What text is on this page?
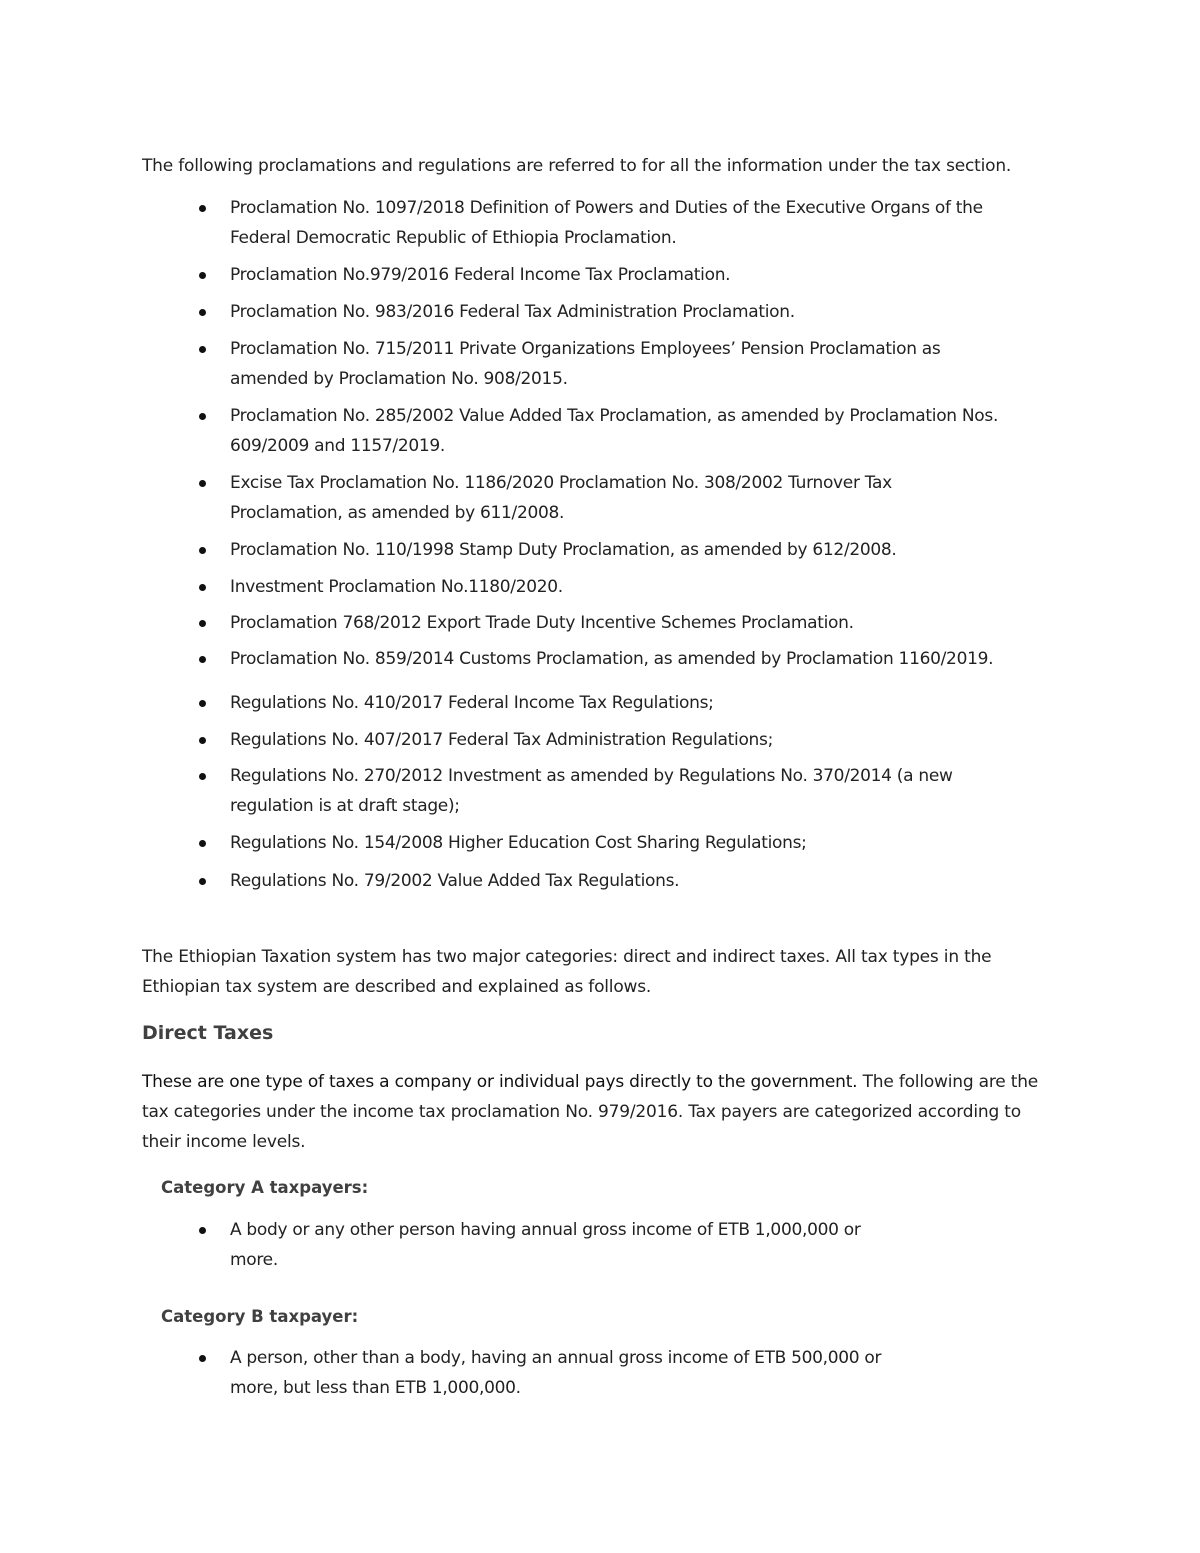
The following proclamations and regulations are referred to for all the information under the tax section.

Proclamation No. 1097/2018 Definition of Powers and Duties of the Executive Organs of the Federal Democratic Republic of Ethiopia Proclamation.
Proclamation No.979/2016 Federal Income Tax Proclamation.
Proclamation No. 983/2016 Federal Tax Administration Proclamation.
Proclamation No. 715/2011 Private Organizations Employees’ Pension Proclamation as amended by Proclamation No. 908/2015.
Proclamation No. 285/2002 Value Added Tax Proclamation, as amended by Proclamation Nos. 609/2009 and 1157/2019.
Excise Tax Proclamation No. 1186/2020 Proclamation No. 308/2002 Turnover Tax Proclamation, as amended by 611/2008.
Proclamation No. 110/1998 Stamp Duty Proclamation, as amended by 612/2008.
Investment Proclamation No.1180/2020.
Proclamation 768/2012 Export Trade Duty Incentive Schemes Proclamation.
Proclamation No. 859/2014 Customs Proclamation, as amended by Proclamation 1160/2019.
Regulations No. 410/2017 Federal Income Tax Regulations;
Regulations No. 407/2017 Federal Tax Administration Regulations;
Regulations No. 270/2012 Investment as amended by Regulations No. 370/2014 (a new regulation is at draft stage);
Regulations No. 154/2008 Higher Education Cost Sharing Regulations;
Regulations No. 79/2002 Value Added Tax Regulations.

The Ethiopian Taxation system has two major categories: direct and indirect taxes. All tax types in the Ethiopian tax system are described and explained as follows.

Direct Taxes

These are one type of taxes a company or individual pays directly to the government. The following are the tax categories under the income tax proclamation No. 979/2016. Tax payers are categorized according to their income levels.

Category A taxpayers:
A body or any other person having annual gross income of ETB 1,000,000 or more.
Category B taxpayer:
A person, other than a body, having an annual gross income of ETB 500,000 or more, but less than ETB 1,000,000.
